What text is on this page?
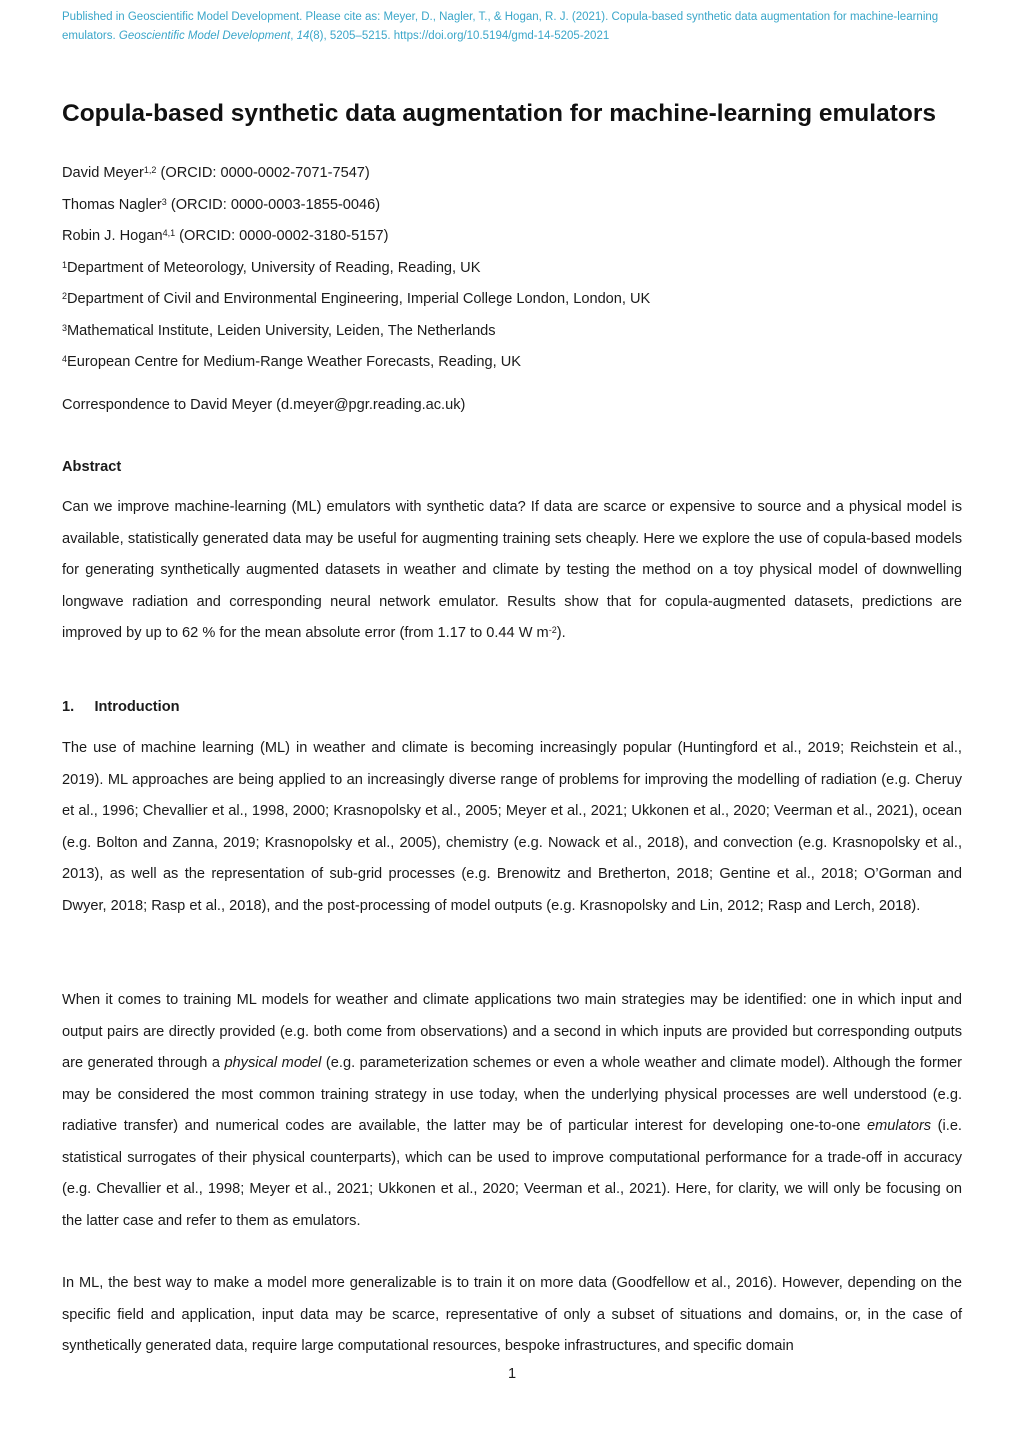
Published in Geoscientific Model Development. Please cite as: Meyer, D., Nagler, T., & Hogan, R. J. (2021). Copula-based synthetic data augmentation for machine-learning emulators. Geoscientific Model Development, 14(8), 5205–5215. https://doi.org/10.5194/gmd-14-5205-2021
Copula-based synthetic data augmentation for machine-learning emulators
David Meyer$^{1,2}$ (ORCID: 0000-0002-7071-7547)
Thomas Nagler$^3$ (ORCID: 0000-0003-1855-0046)
Robin J. Hogan$^{4,1}$ (ORCID: 0000-0002-3180-5157)
$^1$Department of Meteorology, University of Reading, Reading, UK
$^2$Department of Civil and Environmental Engineering, Imperial College London, London, UK
$^3$Mathematical Institute, Leiden University, Leiden, The Netherlands
$^4$European Centre for Medium-Range Weather Forecasts, Reading, UK
Correspondence to David Meyer (d.meyer@pgr.reading.ac.uk)
Abstract
Can we improve machine-learning (ML) emulators with synthetic data? If data are scarce or expensive to source and a physical model is available, statistically generated data may be useful for augmenting training sets cheaply. Here we explore the use of copula-based models for generating synthetically augmented datasets in weather and climate by testing the method on a toy physical model of downwelling longwave radiation and corresponding neural network emulator. Results show that for copula-augmented datasets, predictions are improved by up to 62 % for the mean absolute error (from 1.17 to 0.44 W $m^{-2}$).
1.     Introduction
The use of machine learning (ML) in weather and climate is becoming increasingly popular (Huntingford et al., 2019; Reichstein et al., 2019). ML approaches are being applied to an increasingly diverse range of problems for improving the modelling of radiation (e.g. Cheruy et al., 1996; Chevallier et al., 1998, 2000; Krasnopolsky et al., 2005; Meyer et al., 2021; Ukkonen et al., 2020; Veerman et al., 2021), ocean (e.g. Bolton and Zanna, 2019; Krasnopolsky et al., 2005), chemistry (e.g. Nowack et al., 2018), and convection (e.g. Krasnopolsky et al., 2013), as well as the representation of sub-grid processes (e.g. Brenowitz and Bretherton, 2018; Gentine et al., 2018; O’Gorman and Dwyer, 2018; Rasp et al., 2018), and the post-processing of model outputs (e.g. Krasnopolsky and Lin, 2012; Rasp and Lerch, 2018).
When it comes to training ML models for weather and climate applications two main strategies may be identified: one in which input and output pairs are directly provided (e.g. both come from observations) and a second in which inputs are provided but corresponding outputs are generated through a physical model (e.g. parameterization schemes or even a whole weather and climate model). Although the former may be considered the most common training strategy in use today, when the underlying physical processes are well understood (e.g. radiative transfer) and numerical codes are available, the latter may be of particular interest for developing one-to-one emulators (i.e. statistical surrogates of their physical counterparts), which can be used to improve computational performance for a trade-off in accuracy (e.g. Chevallier et al., 1998; Meyer et al., 2021; Ukkonen et al., 2020; Veerman et al., 2021). Here, for clarity, we will only be focusing on the latter case and refer to them as emulators.
In ML, the best way to make a model more generalizable is to train it on more data (Goodfellow et al., 2016). However, depending on the specific field and application, input data may be scarce, representative of only a subset of situations and domains, or, in the case of synthetically generated data, require large computational resources, bespoke infrastructures, and specific domain
1
